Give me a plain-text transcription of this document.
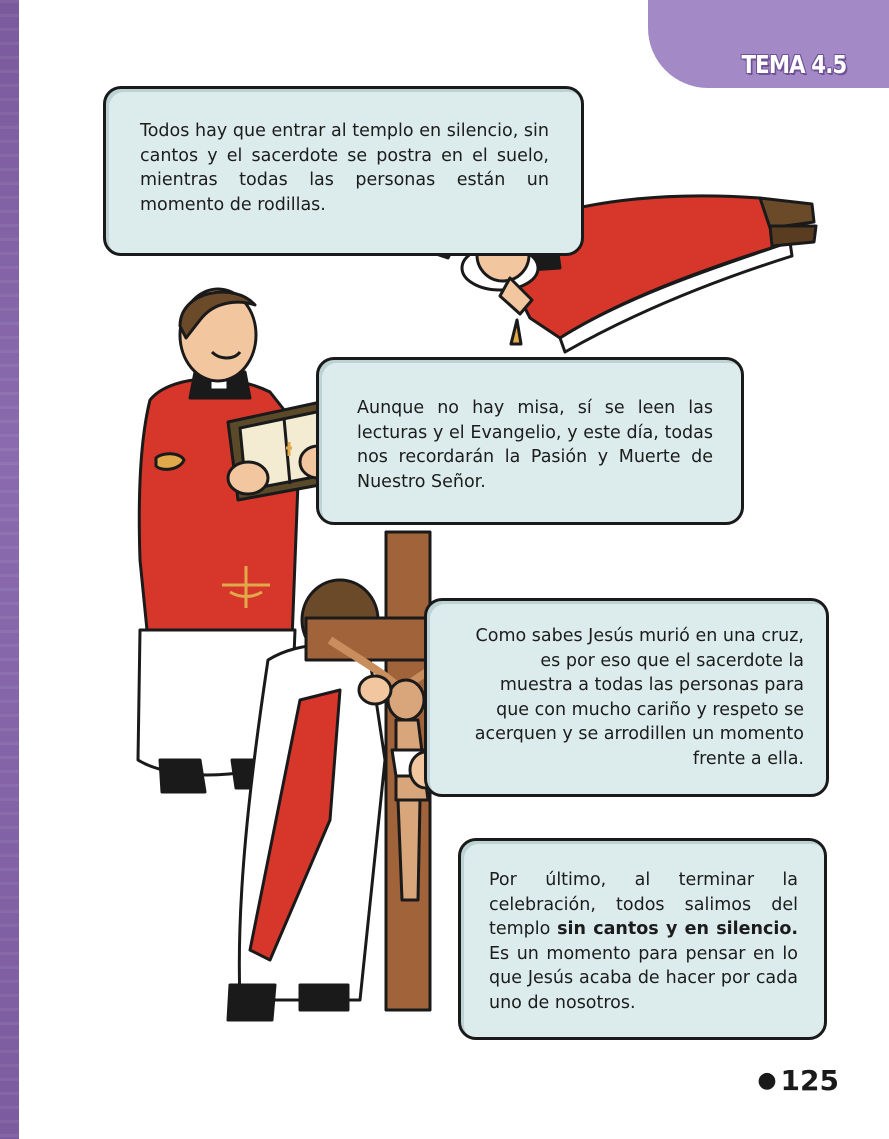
TEMA 4.5

Todos hay que entrar al templo en silencio, sin cantos y el sacerdote se postra en el suelo, mientras todas las personas están un momento de rodillas.

Aunque no hay misa, sí se leen las lecturas y el Evangelio, y este día, todas nos recordarán la Pasión y Muerte de Nuestro Señor.

Como sabes Jesús murió en una cruz, es por eso que el sacerdote la muestra a todas las personas para que con mucho cariño y respeto se acerquen y se arrodillen un momento frente a ella.

Por último, al terminar la celebración, todos salimos del templo sin cantos y en silencio. Es un momento para pensar en lo que Jesús acaba de hacer por cada uno de nosotros.

● 125
